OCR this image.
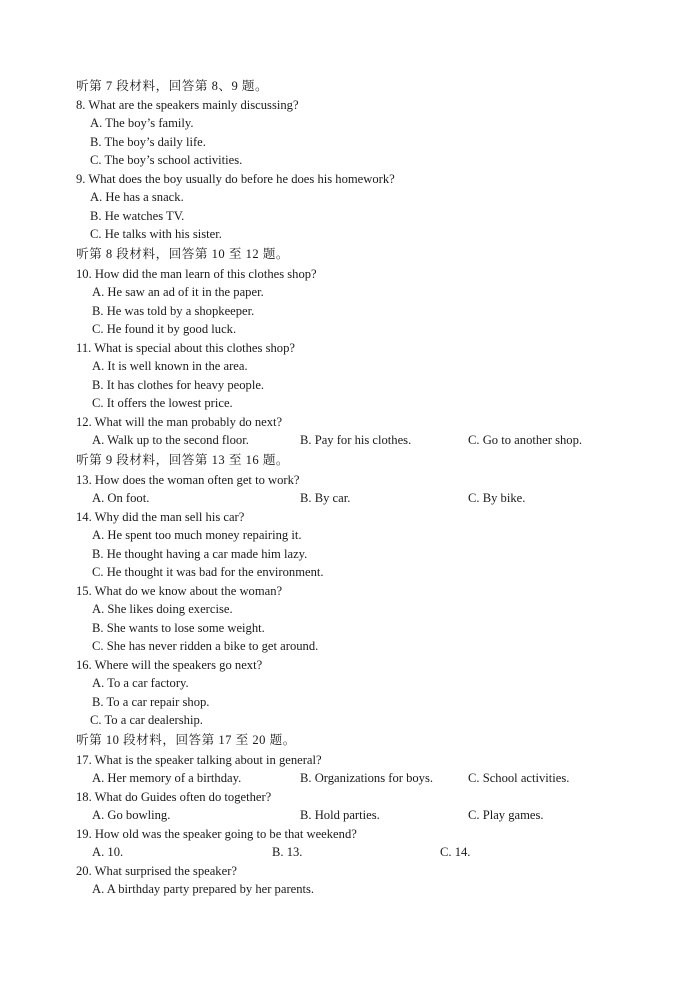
听第 7 段材料，回答第 8、9 题。
8. What are the speakers mainly discussing?
A. The boy’s family.
B. The boy’s daily life.
C. The boy’s school activities.
9. What does the boy usually do before he does his homework?
A. He has a snack.
B. He watches TV.
C. He talks with his sister.
听第 8 段材料，回答第 10 至 12 题。
10. How did the man learn of this clothes shop?
A. He saw an ad of it in the paper.
B. He was told by a shopkeeper.
C. He found it by good luck.
11. What is special about this clothes shop?
A. It is well known in the area.
B. It has clothes for heavy people.
C. It offers the lowest price.
12. What will the man probably do next?
A. Walk up to the second floor.	B. Pay for his clothes.	C. Go to another shop.
听第 9 段材料，回答第 13 至 16 题。
13. How does the woman often get to work?
A. On foot.	B. By car.	C. By bike.
14. Why did the man sell his car?
A. He spent too much money repairing it.
B. He thought having a car made him lazy.
C. He thought it was bad for the environment.
15. What do we know about the woman?
A. She likes doing exercise.
B. She wants to lose some weight.
C. She has never ridden a bike to get around.
16. Where will the speakers go next?
A. To a car factory.
B. To a car repair shop.
C. To a car dealership.
听第 10 段材料，回答第 17 至 20 题。
17. What is the speaker talking about in general?
A. Her memory of a birthday.	B. Organizations for boys.	C. School activities.
18. What do Guides often do together?
A. Go bowling.	B. Hold parties.	C. Play games.
19. How old was the speaker going to be that weekend?
A. 10.	B. 13.	C. 14.
20. What surprised the speaker?
A. A birthday party prepared by her parents.
